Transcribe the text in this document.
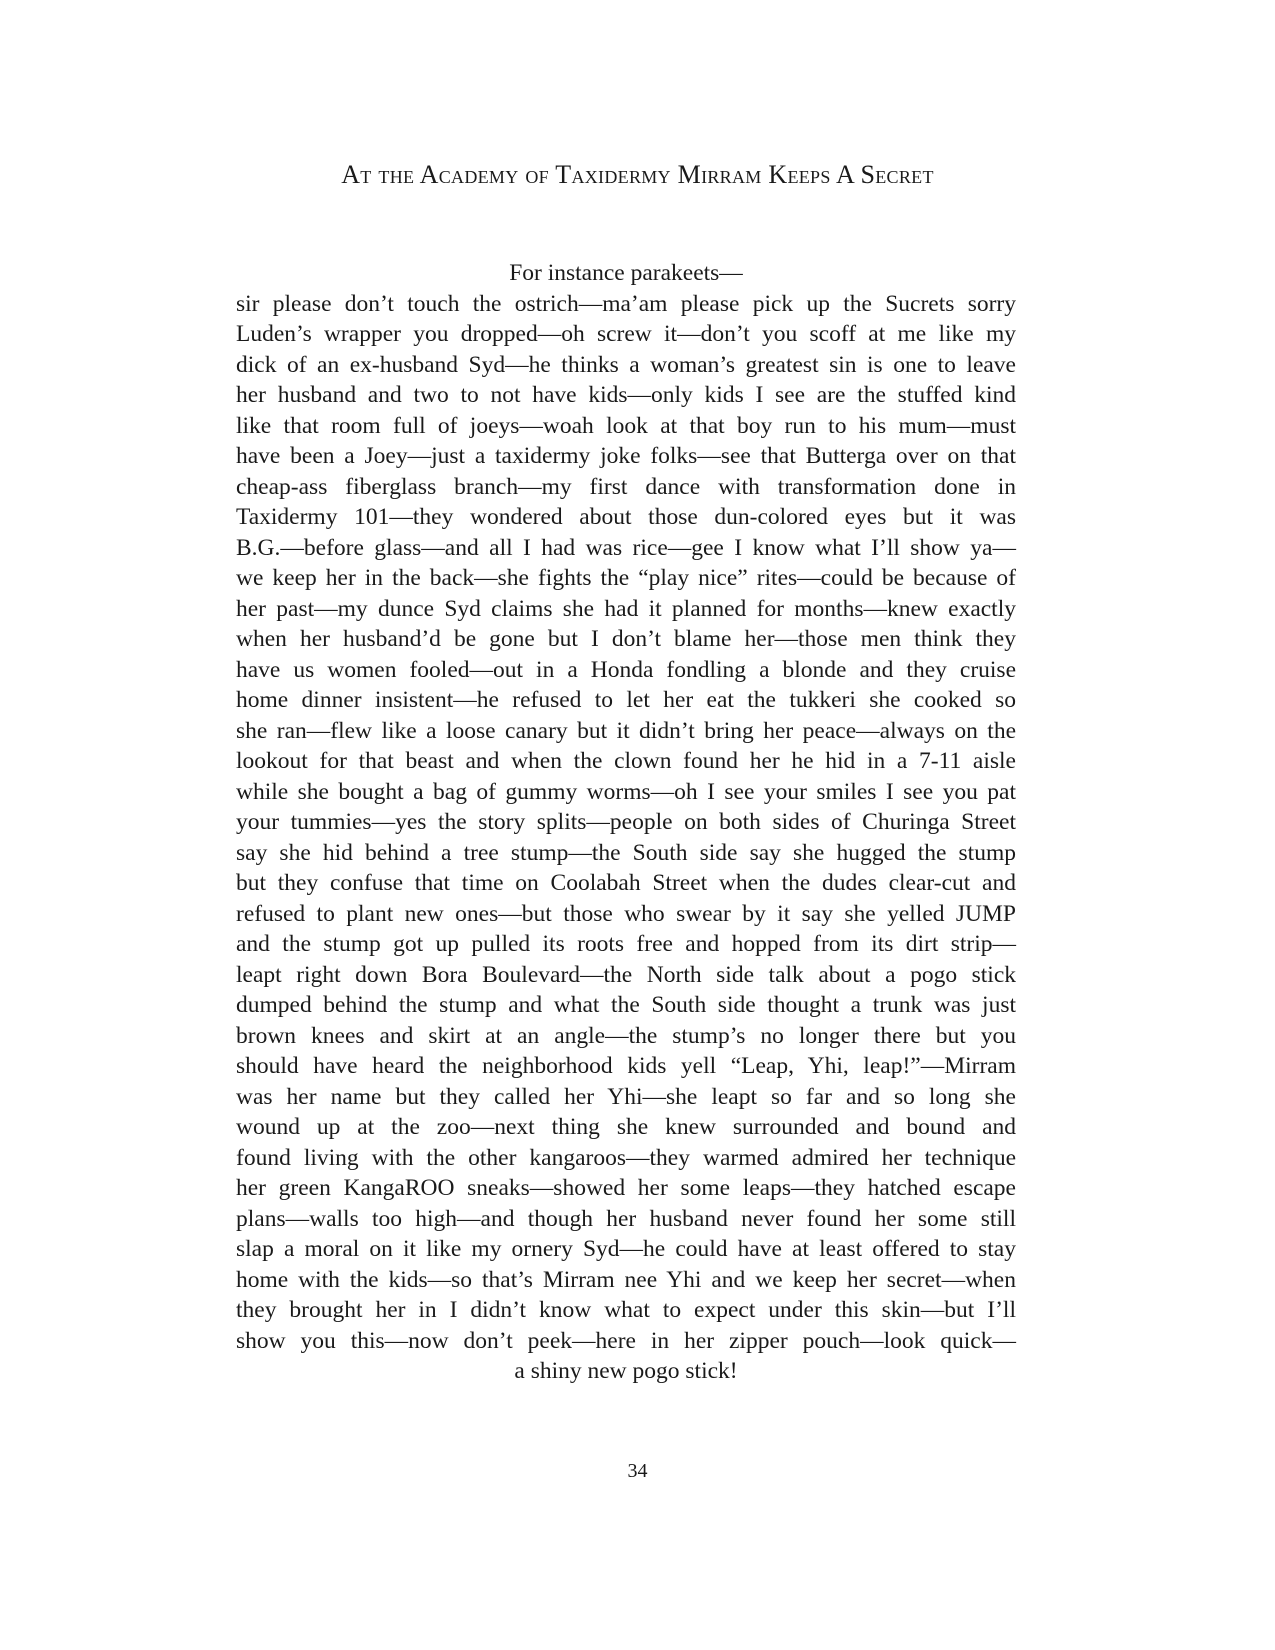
At the Academy of Taxidermy Mirram Keeps A Secret
For instance parakeets—
sir please don’t touch the ostrich—ma’am please pick up the Sucrets sorry
Luden’s wrapper you dropped—oh screw it—don’t you scoff at me like my
dick of an ex-husband Syd—he thinks a woman’s greatest sin is one to leave
her husband and two to not have kids—only kids I see are the stuffed kind
like that room full of joeys—woah look at that boy run to his mum—must
have been a Joey—just a taxidermy joke folks—see that Butterga over on that
cheap-ass fiberglass branch—my first dance with transformation done in
Taxidermy 101—they wondered about those dun-colored eyes but it was
B.G.—before glass—and all I had was rice—gee I know what I’ll show ya—
we keep her in the back—she fights the “play nice” rites—could be because of
her past—my dunce Syd claims she had it planned for months—knew exactly
when her husband’d be gone but I don’t blame her—those men think they
have us women fooled—out in a Honda fondling a blonde and they cruise
home dinner insistent—he refused to let her eat the tukkeri she cooked so
she ran—flew like a loose canary but it didn’t bring her peace—always on the
lookout for that beast and when the clown found her he hid in a 7-11 aisle
while she bought a bag of gummy worms—oh I see your smiles I see you pat
your tummies—yes the story splits—people on both sides of Churinga Street
say she hid behind a tree stump—the South side say she hugged the stump
but they confuse that time on Coolabah Street when the dudes clear-cut and
refused to plant new ones—but those who swear by it say she yelled JUMP
and the stump got up pulled its roots free and hopped from its dirt strip—
leapt right down Bora Boulevard—the North side talk about a pogo stick
dumped behind the stump and what the South side thought a trunk was just
brown knees and skirt at an angle—the stump’s no longer there but you
should have heard the neighborhood kids yell “Leap, Yhi, leap!”—Mirram
was her name but they called her Yhi—she leapt so far and so long she
wound up at the zoo—next thing she knew surrounded and bound and
found living with the other kangaroos—they warmed admired her technique
her green KangaROO sneaks—showed her some leaps—they hatched escape
plans—walls too high—and though her husband never found her some still
slap a moral on it like my ornery Syd—he could have at least offered to stay
home with the kids—so that’s Mirram nee Yhi and we keep her secret—when
they brought her in I didn’t know what to expect under this skin—but I’ll
show you this—now don’t peek—here in her zipper pouch—look quick—
a shiny new pogo stick!
34
